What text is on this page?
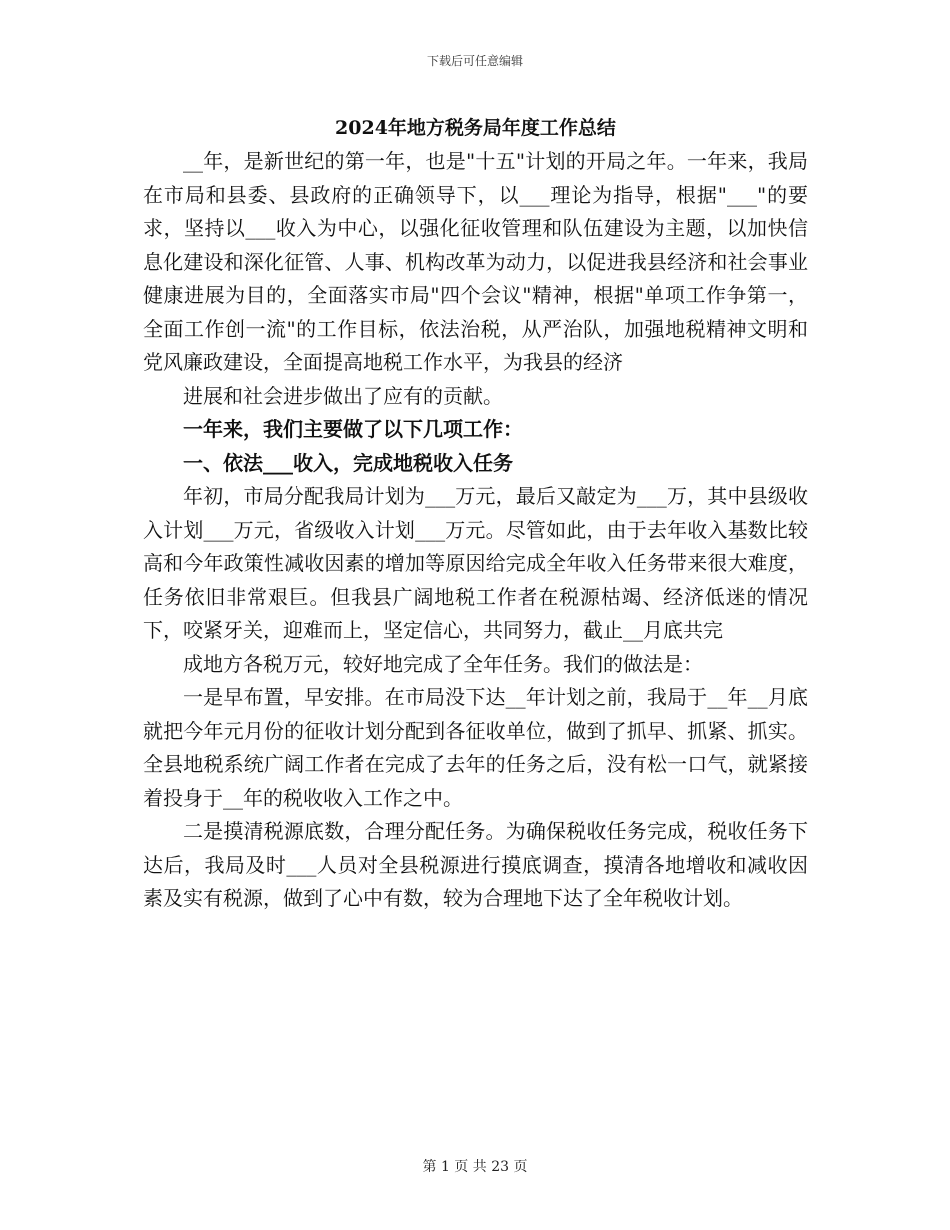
下载后可任意编辑
2024年地方税务局年度工作总结

__年，是新世纪的第一年，也是"十五"计划的开局之年。一年来，我局在市局和县委、县政府的正确领导下，以___理论为指导，根据"___"的要求，坚持以___收入为中心，以强化征收管理和队伍建设为主题，以加快信息化建设和深化征管、人事、机构改革为动力，以促进我县经济和社会事业健康进展为目的，全面落实市局"四个会议"精神，根据"单项工作争第一，全面工作创一流"的工作目标，依法治税，从严治队，加强地税精神文明和党风廉政建设，全面提高地税工作水平，为我县的经济

进展和社会进步做出了应有的贡献。

一年来，我们主要做了以下几项工作：

一、依法___收入，完成地税收入任务

年初，市局分配我局计划为___万元，最后又敲定为___万，其中县级收入计划___万元，省级收入计划___万元。尽管如此，由于去年收入基数比较高和今年政策性减收因素的增加等原因给完成全年收入任务带来很大难度，任务依旧非常艰巨。但我县广阔地税工作者在税源枯竭、经济低迷的情况下，咬紧牙关，迎难而上，坚定信心，共同努力，截止__月底共完

成地方各税万元，较好地完成了全年任务。我们的做法是：

一是早布置，早安排。在市局没下达__年计划之前，我局于__年__月底就把今年元月份的征收计划分配到各征收单位，做到了抓早、抓紧、抓实。全县地税系统广阔工作者在完成了去年的任务之后，没有松一口气，就紧接着投身于__年的税收收入工作之中。

二是摸清税源底数，合理分配任务。为确保税收任务完成，税收任务下达后，我局及时___人员对全县税源进行摸底调查，摸清各地增收和减收因素及实有税源，做到了心中有数，较为合理地下达了全年税收计划。

第 1 页 共 23 页
